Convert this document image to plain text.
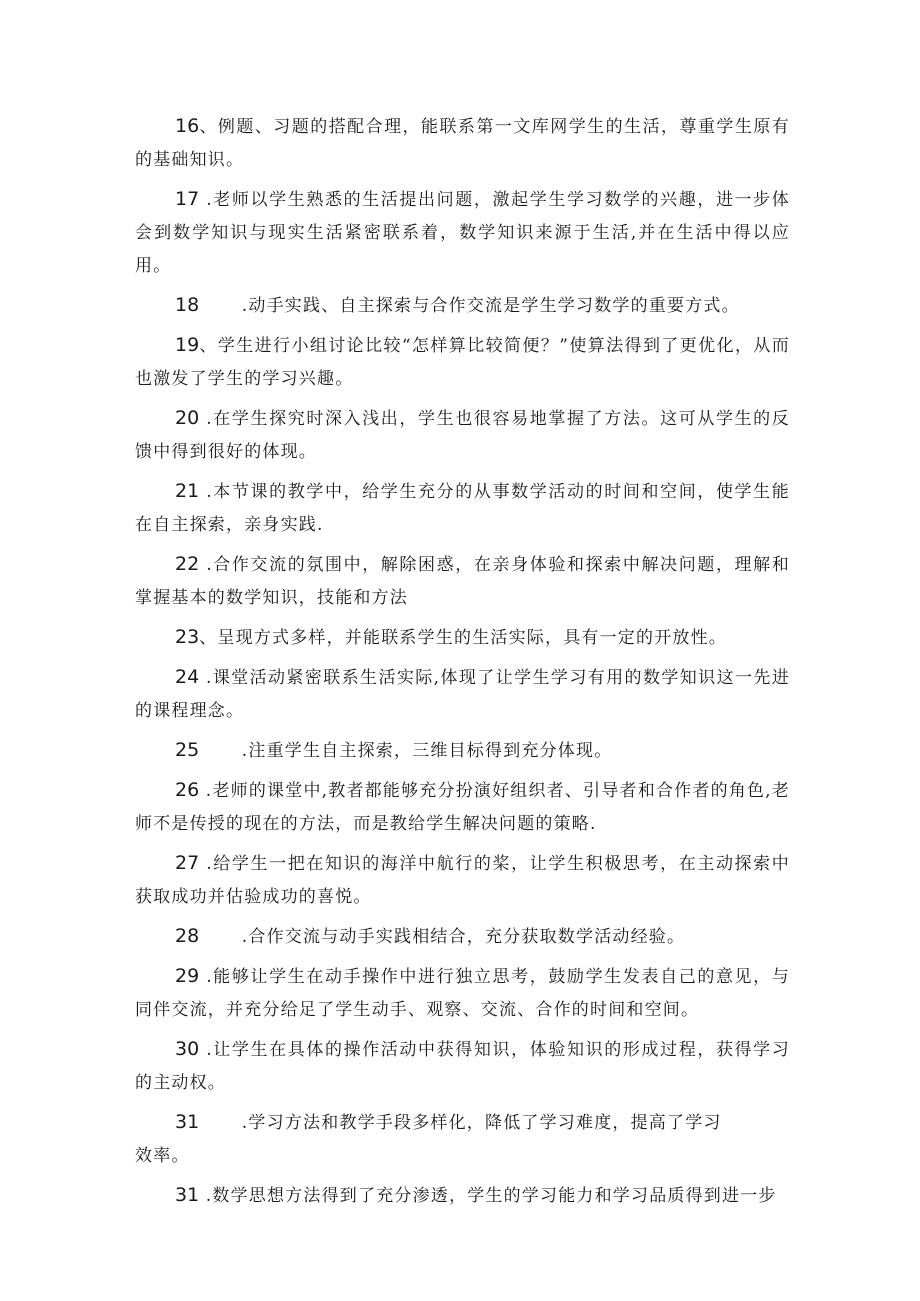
16、例题、习题的搭配合理，能联系第一文库网学生的生活，尊重学生原有的基础知识。

17 .老师以学生熟悉的生活提出问题，激起学生学习数学的兴趣，进一步体会到数学知识与现实生活紧密联系着，数学知识来源于生活,并在生活中得以应用。

18 .动手实践、自主探索与合作交流是学生学习数学的重要方式。

19、学生进行小组讨论比较“怎样算比较简便？”使算法得到了更优化，从而也激发了学生的学习兴趣。

20 .在学生探究时深入浅出，学生也很容易地掌握了方法。这可从学生的反馈中得到很好的体现。

21 .本节课的教学中，给学生充分的从事数学活动的时间和空间，使学生能在自主探索，亲身实践.

22 .合作交流的氛围中，解除困惑，在亲身体验和探索中解决问题，理解和掌握基本的数学知识，技能和方法

23、呈现方式多样，并能联系学生的生活实际，具有一定的开放性。

24 .课堂活动紧密联系生活实际,体现了让学生学习有用的数学知识这一先进的课程理念。

25 .注重学生自主探索，三维目标得到充分体现。

26 .老师的课堂中,教者都能够充分扮演好组织者、引导者和合作者的角色,老师不是传授的现在的方法，而是教给学生解决问题的策略.

27 .给学生一把在知识的海洋中航行的桨，让学生积极思考，在主动探索中获取成功并估验成功的喜悦。

28 .合作交流与动手实践相结合，充分获取数学活动经验。

29 .能够让学生在动手操作中进行独立思考，鼓励学生发表自己的意见，与同伴交流，并充分给足了学生动手、观察、交流、合作的时间和空间。

30 .让学生在具体的操作活动中获得知识，体验知识的形成过程，获得学习的主动权。

31 .学习方法和教学手段多样化，降低了学习难度，提高了学习
效率。

31 .数学思想方法得到了充分渗透，学生的学习能力和学习品质得到进一步
